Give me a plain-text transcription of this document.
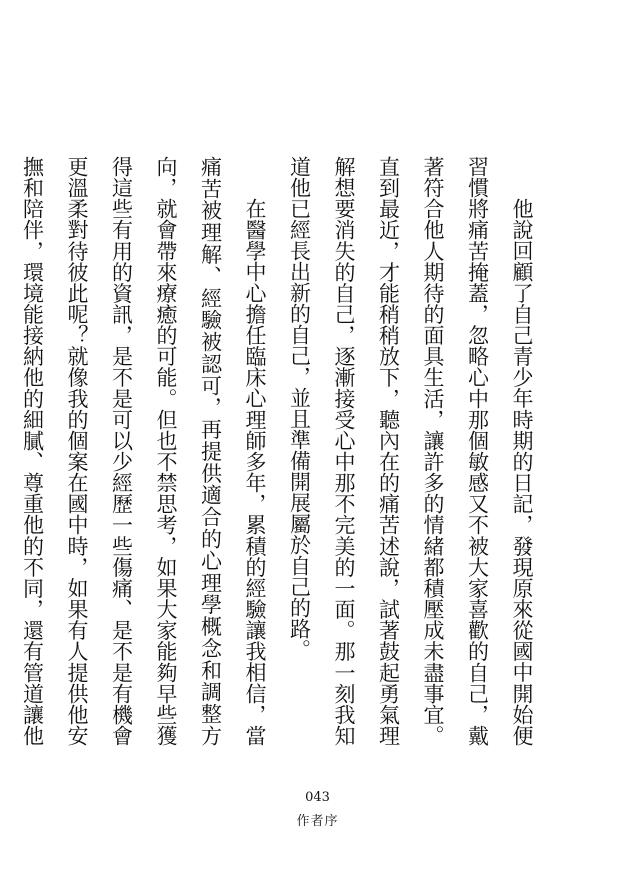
他說回顧了自己青少年時期的日記，發現原來從國中開始便習慣將痛苦掩蓋，忽略心中那個敏感又不被大家喜歡的自己，戴著符合他人期待的面具生活，讓許多的情緒都積壓成未盡事宜。直到最近，才能稍稍放下，聽內在的痛苦述說，試著鼓起勇氣理解想要消失的自己，逐漸接受心中那不完美的一面。那一刻我知道他已經長出新的自己，並且準備開展屬於自己的路。

在醫學中心擔任臨床心理師多年，累積的經驗讓我相信，當痛苦被理解、經驗被認可，再提供適合的心理學概念和調整方向，就會帶來療癒的可能。但也不禁思考，如果大家能夠早些獲得這些有用的資訊，是不是可以少經歷一些傷痛、是不是有機會更溫柔對待彼此呢？就像我的個案在國中時，如果有人提供他安撫和陪伴，環境能接納他的細膩、尊重他的不同，還有管道讓他

043
作者序
